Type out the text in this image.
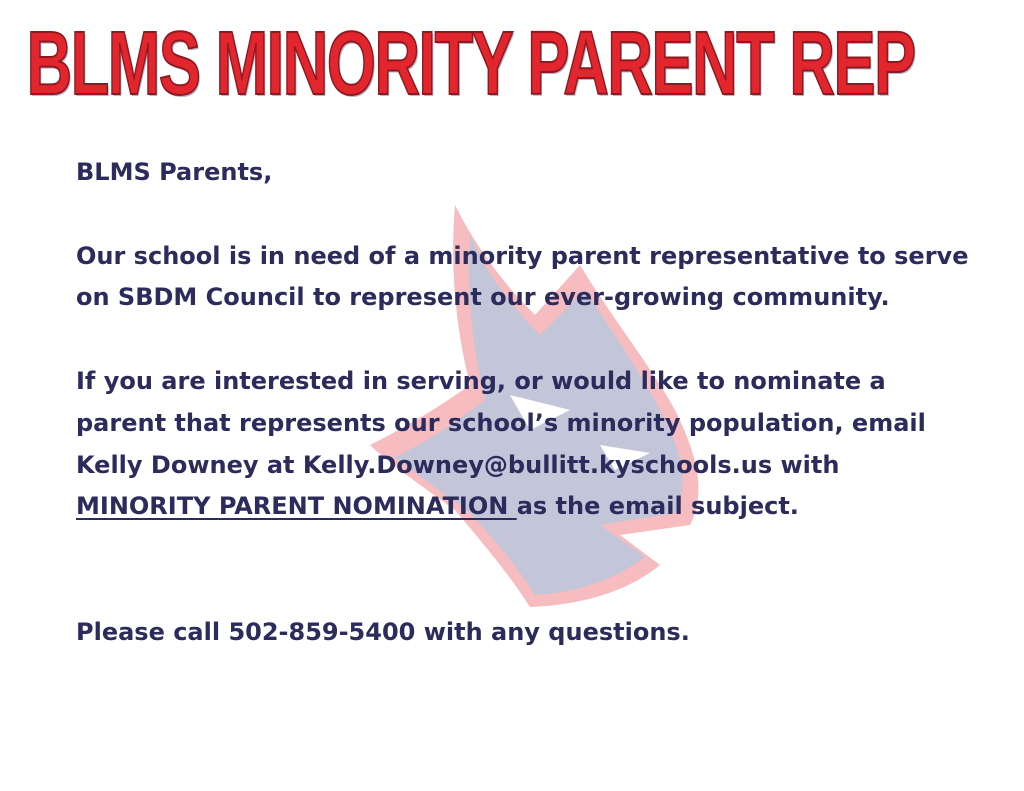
BLMS MINORITY PARENT REP

BLMS Parents,

Our school is in need of a minority parent representative to serve

on SBDM Council to represent our ever-growing community.

If you are interested in serving, or would like to nominate a

parent that represents our school’s minority population, email

Kelly Downey at Kelly.Downey@bullitt.kyschools.us with

MINORITY PARENT NOMINATION as the email subject.

Please call 502-859-5400 with any questions.
